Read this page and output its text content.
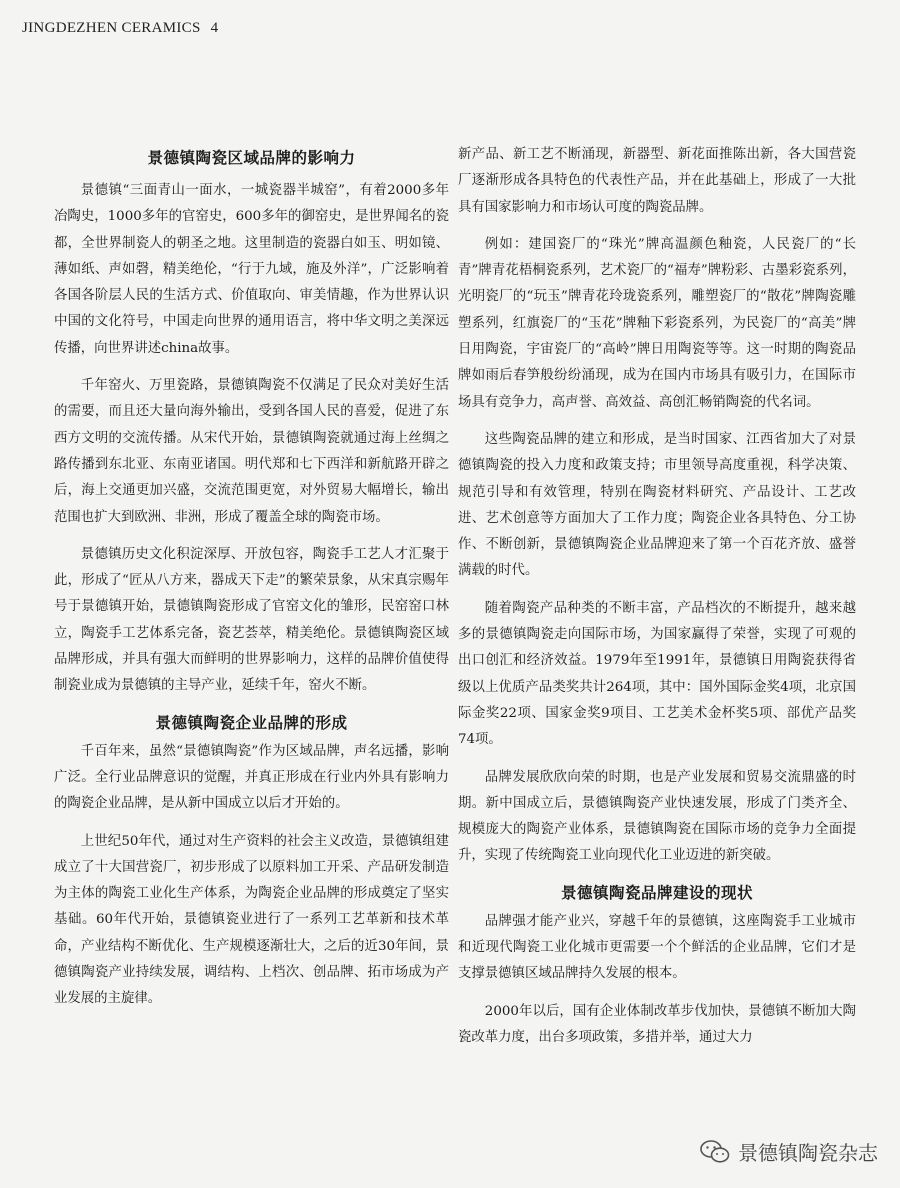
JINGDEZHEN CERAMICS 4
景德镇陶瓷区域品牌的影响力

景德镇“三面青山一面水，一城瓷器半城窑”，有着2000多年冶陶史，1000多年的官窑史，600多年的御窑史，是世界闻名的瓷都，全世界制瓷人的朝圣之地。这里制造的瓷器白如玉、明如镜、薄如纸、声如磬，精美绝伦，“行于九域，施及外洋”，广泛影响着各国各阶层人民的生活方式、价值取向、审美情趣，作为世界认识中国的文化符号，中国走向世界的通用语言，将中华文明之美深远传播，向世界讲述china故事。

千年窑火、万里瓷路，景德镇陶瓷不仅满足了民众对美好生活的需要，而且还大量向海外输出，受到各国人民的喜爱，促进了东西方文明的交流传播。从宋代开始，景德镇陶瓷就通过海上丝绸之路传播到东北亚、东南亚诸国。明代郑和七下西洋和新航路开辟之后，海上交通更加兴盛，交流范围更宽，对外贸易大幅增长，输出范围也扩大到欧洲、非洲，形成了覆盖全球的陶瓷市场。

景德镇历史文化积淀深厚、开放包容，陶瓷手工艺人才汇聚于此，形成了“匠从八方来，器成天下走”的繁荣景象，从宋真宗赐年号于景德镇开始，景德镇陶瓷形成了官窑文化的雏形，民窑窑口林立，陶瓷手工艺体系完备，瓷艺荟萃，精美绝伦。景德镇陶瓷区域品牌形成，并具有强大而鲜明的世界影响力，这样的品牌价值使得制瓷业成为景德镇的主导产业，延续千年，窑火不断。

景德镇陶瓷企业品牌的形成

千百年来，虽然“景德镇陶瓷”作为区域品牌，声名远播，影响广泛。全行业品牌意识的觉醒，并真正形成在行业内外具有影响力的陶瓷企业品牌，是从新中国成立以后才开始的。

上世纪50年代，通过对生产资料的社会主义改造，景德镇组建成立了十大国营瓷厂，初步形成了以原料加工开采、产品研发制造为主体的陶瓷工业化生产体系，为陶瓷企业品牌的形成奠定了坚实基础。60年代开始，景德镇瓷业进行了一系列工艺革新和技术革命，产业结构不断优化、生产规模逐渐壮大，之后的近30年间，景德镇陶瓷产业持续发展，调结构、上档次、创品牌、拓市场成为产业发展的主旋律。

新产品、新工艺不断涌现，新器型、新花面推陈出新，各大国营瓷厂逐渐形成各具特色的代表性产品，并在此基础上，形成了一大批具有国家影响力和市场认可度的陶瓷品牌。

例如：建国瓷厂的“珠光”牌高温颜色釉瓷，人民瓷厂的“长青”牌青花梧桐瓷系列，艺术瓷厂的“福寿”牌粉彩、古墨彩瓷系列，光明瓷厂的“玩玉”牌青花玲珑瓷系列，雕塑瓷厂的“散花”牌陶瓷雕塑系列，红旗瓷厂的“玉花”牌釉下彩瓷系列，为民瓷厂的“高美”牌日用陶瓷，宇宙瓷厂的“高岭”牌日用陶瓷等等。这一时期的陶瓷品牌如雨后春笋般纷纷涌现，成为在国内市场具有吸引力，在国际市场具有竞争力，高声誉、高效益、高创汇畅销陶瓷的代名词。

这些陶瓷品牌的建立和形成，是当时国家、江西省加大了对景德镇陶瓷的投入力度和政策支持；市里领导高度重视，科学决策、规范引导和有效管理，特别在陶瓷材料研究、产品设计、工艺改进、艺术创意等方面加大了工作力度；陶瓷企业各具特色、分工协作、不断创新，景德镇陶瓷企业品牌迎来了第一个百花齐放、盛誉满载的时代。

随着陶瓷产品种类的不断丰富，产品档次的不断提升，越来越多的景德镇陶瓷走向国际市场，为国家赢得了荣誉，实现了可观的出口创汇和经济效益。1979年至1991年，景德镇日用陶瓷获得省级以上优质产品类奖共计264项，其中：国外国际金奖4项，北京国际金奖22项、国家金奖9项目、工艺美术金杯奖5项、部优产品奖74项。

品牌发展欣欣向荣的时期，也是产业发展和贸易交流鼎盛的时期。新中国成立后，景德镇陶瓷产业快速发展，形成了门类齐全、规模庞大的陶瓷产业体系，景德镇陶瓷在国际市场的竞争力全面提升，实现了传统陶瓷工业向现代化工业迈进的新突破。

景德镇陶瓷品牌建设的现状

品牌强才能产业兴，穿越千年的景德镇，这座陶瓷手工业城市和近现代陶瓷工业化城市更需要一个个鲜活的企业品牌，它们才是支撑景德镇区域品牌持久发展的根本。

2000年以后，国有企业体制改革步伐加快，景德镇不断加大陶瓷改革力度，出台多项政策，多措并举，通过大力

景德镇陶瓷杂志
